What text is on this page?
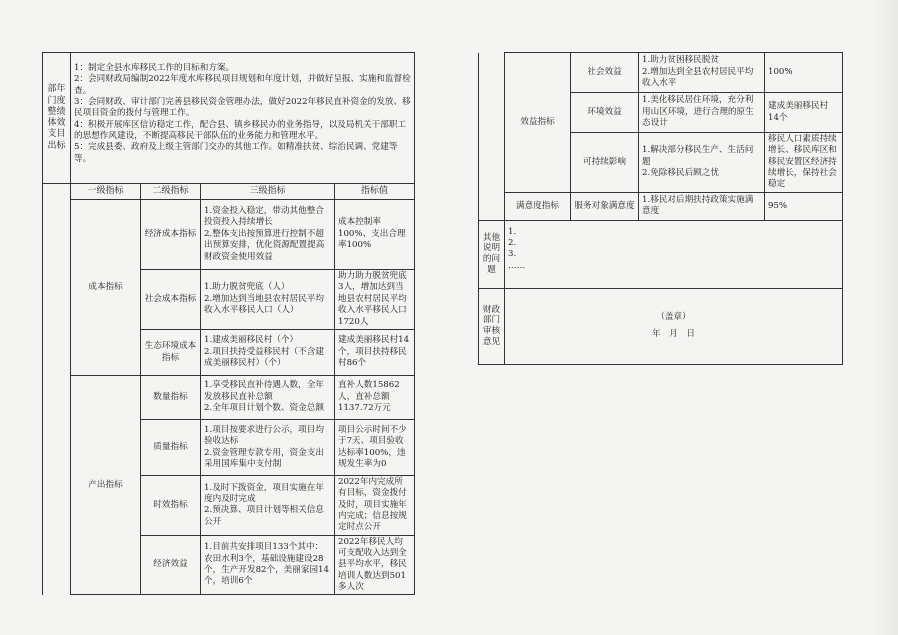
部年门度整绩体效支目出标	
1：制定全县水库移民工作的目标和方案。
2：会同财政局编制2022年度水库移民项目规划和年度计划，并做好呈报、实施和监督检查。
3：会同财政、审计部门完善县移民资金管理办法，做好2022年移民直补资金的发放、移民项目资金的拨付与管理工作。
4：积极开展库区信访稳定工作，配合县、镇乡移民办的业务指导，以及局机关干部职工的思想作风建设，不断提高移民干部队伍的业务能力和管理水平。
5：完成县委、政府及上级主管部门交办的其他工作。如精准扶贫、综治民调、党建等等。
	一级指标	二级指标	三级指标	指标值
	成本指标	经济成本指标	1.资金投入稳定，带动其他整合投资投入持续增长
2.整体支出按预算进行控制不超出预算安排，优化资源配置提高财政资金使用效益	成本控制率100%、支出合理率100%
		社会成本指标	1.助力脱贫兜底（人）
2.增加达到当地县农村居民平均收入水平移民人口（人）	助力助力脱贫兜底3人，增加达到当地县农村居民平均收入水平移民人口1720人
		生态环境成本指标	1.建成美丽移民村（个）
2.项目扶持受益移民村（不含建成美丽移民村）（个）	建成美丽移民村14个，项目扶持移民村86个
	产出指标	数量指标	1.享受移民直补待遇人数，全年发放移民直补总额
2.全年项目计划个数、资金总额	直补人数15862人，直补总额1137.72万元
		质量指标	1.项目按要求进行公示，项目均验收达标
2.资金管理专款专用，资金支出采用国库集中支付制	项目公示时间不少于7天、项目验收达标率100%，违规发生率为0
		时效指标	1.及时下拨资金，项目实施在年度内及时完成
2.预决算、项目计划等相关信息公开	2022年内完成所有目标，资金拨付及时，项目实施年内完成；信息按规定时点公开
		经济效益	1.目前共安排项目133个其中：农田水利3个，基础设施建设28个，生产开发82个，美丽家园14个，培训6个	2022年移民人均可支配收入达到全县平均水平，移民培训人数达到501多人次
	效益指标	社会效益	1.助力贫困移民脱贫
2.增加达到全县农村居民平均收入水平	100%
		环境效益	1.美化移民居住环境，充分利用山区环境，进行合理的原生态设计	建成美丽移民村14个
		可持续影响	1.解决部分移民生产、生活问题
2.免除移民后顾之忧	移民人口素质持续增长、移民库区和移民安置区经济持续增长，保持社会稳定
	满意度指标	服务对象满意度	1.移民对后期扶持政策实施满意度	95%
其他说明的问题	1.
2.
3.
……

财政部门审核意见	（盖章）
年　月　日
